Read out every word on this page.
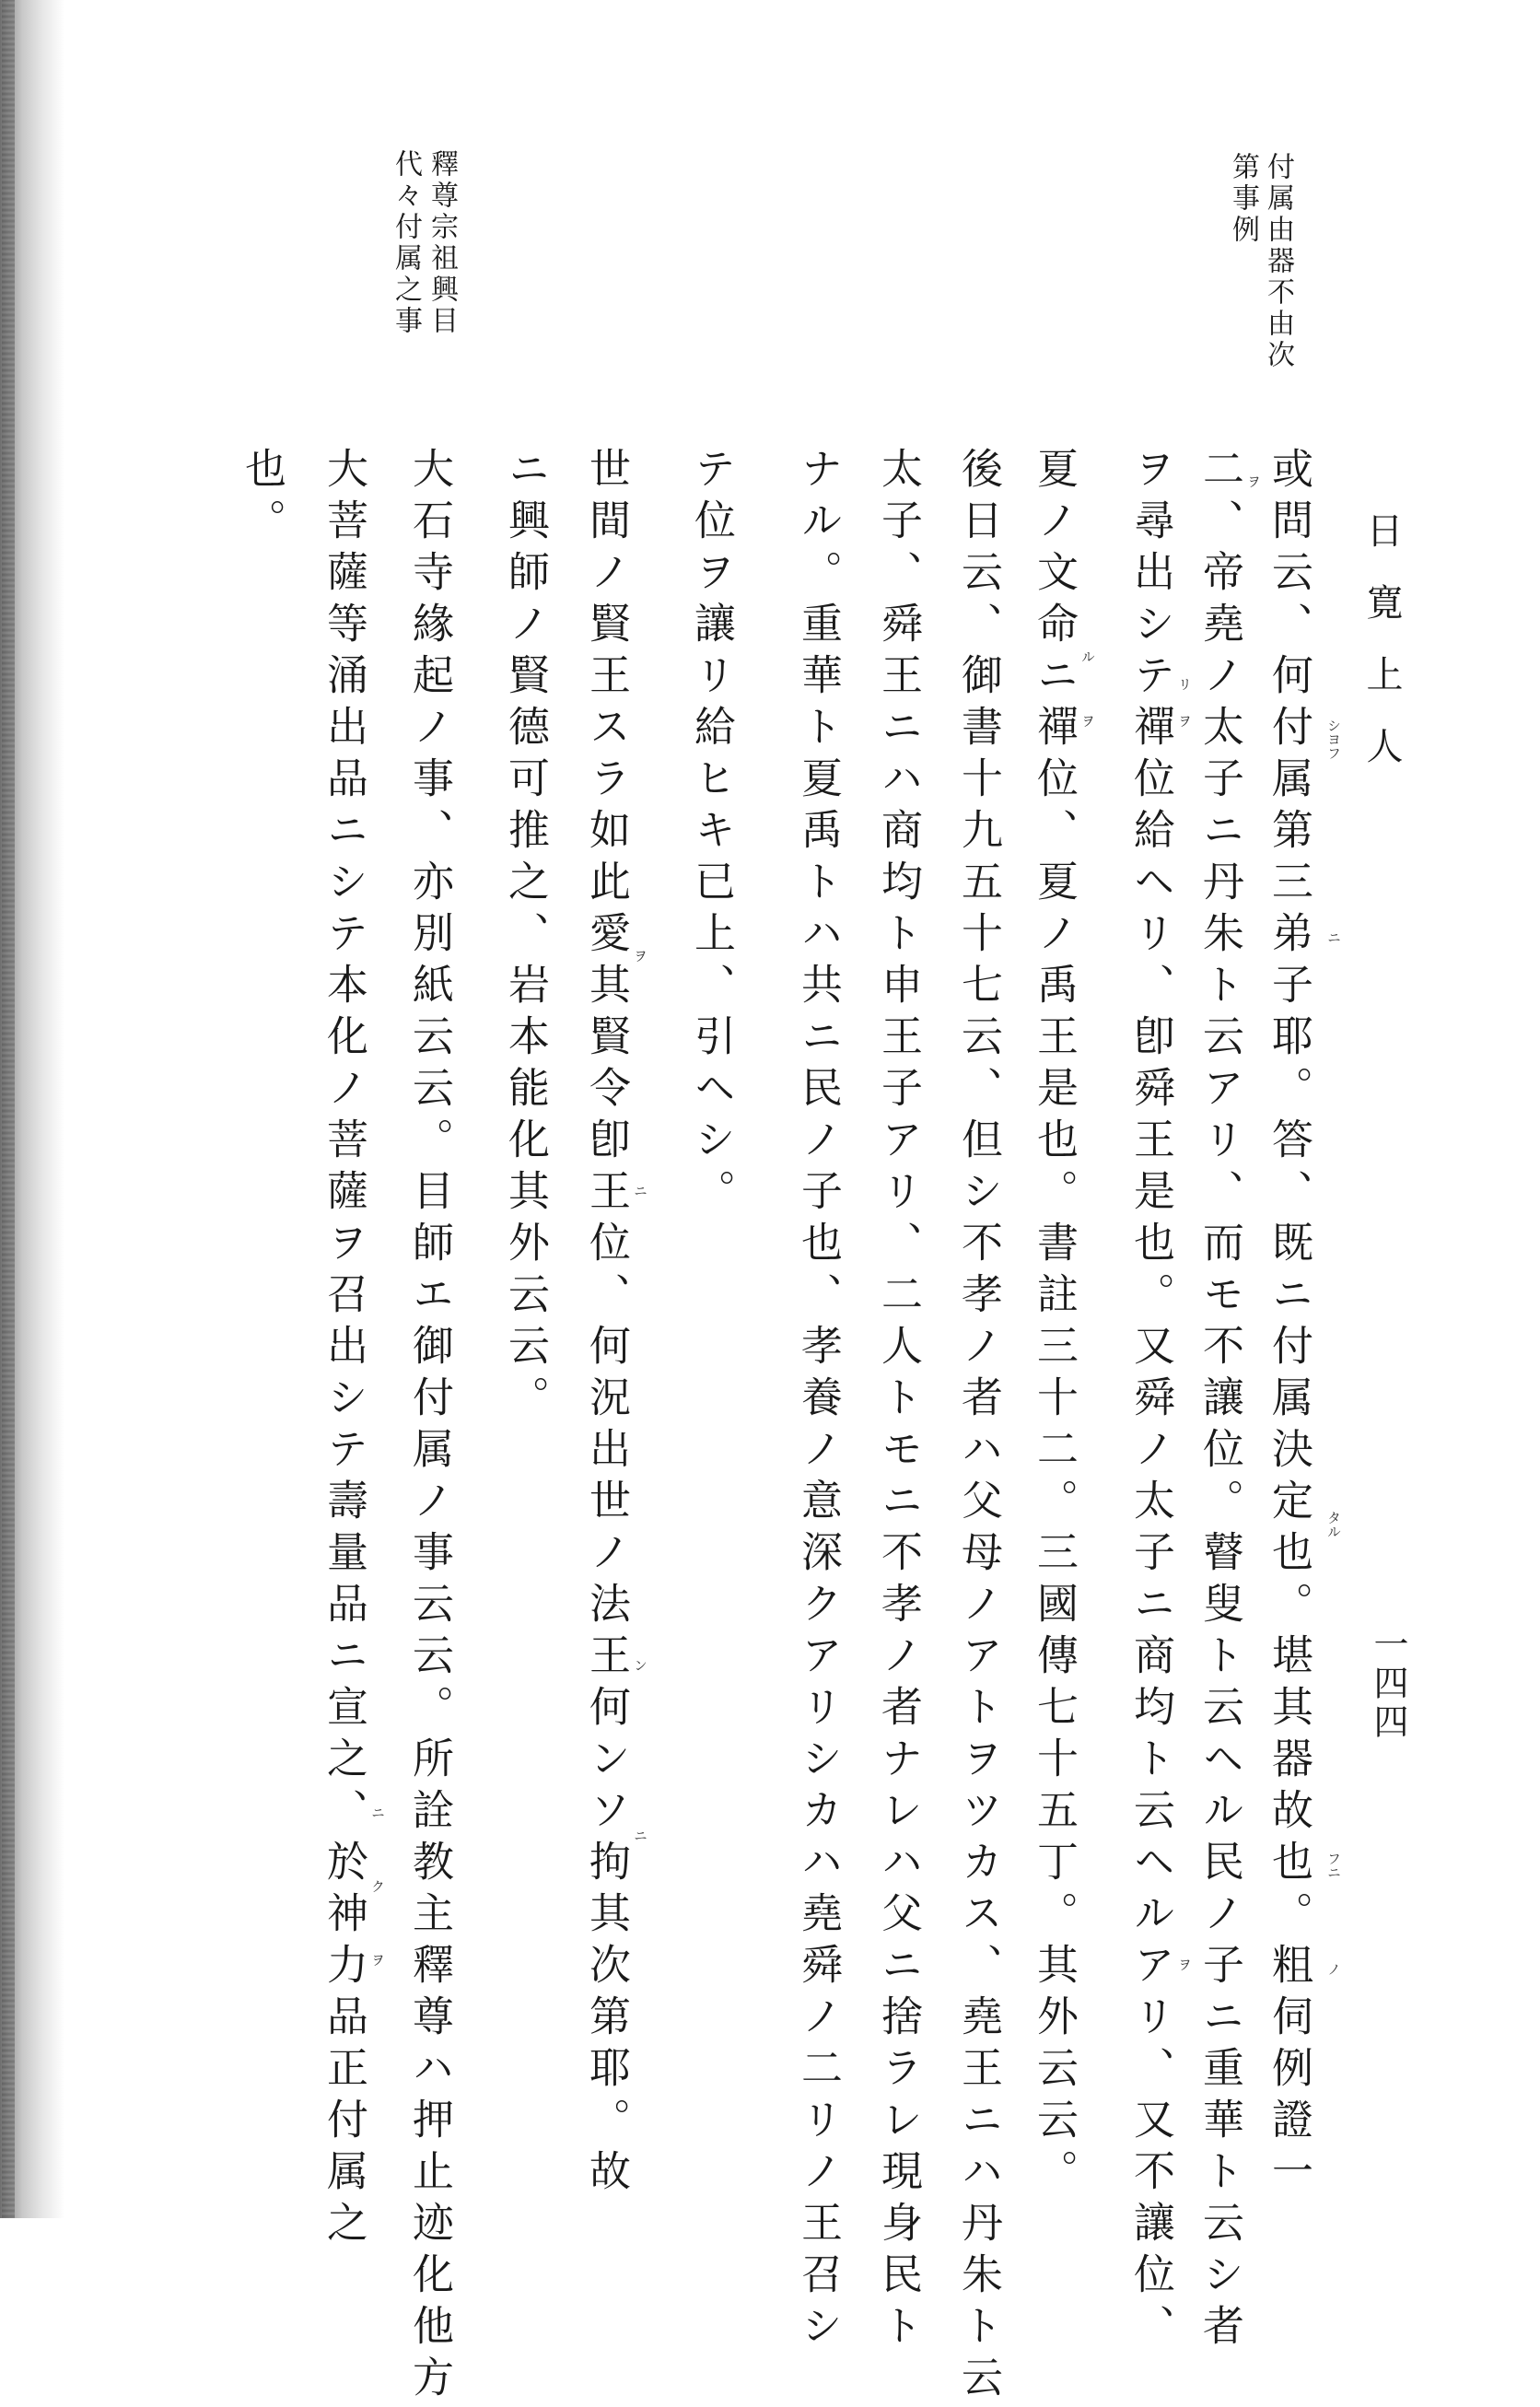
日寛上人
一四四
付属由器不由次
第事例
釋尊宗祖興目
代々付属之事
或問云、何付属第三弟子耶。答、既ニ付属決定也。堪其器故也。粗伺例證一
二、帝堯ノ太子ニ丹朱ト云アリ、而モ不讓位。瞽叟ト云ヘル民ノ子ニ重華ト云シ者
ヲ尋出シテ禪位給ヘリ、卽舜王是也。又舜ノ太子ニ商均ト云ヘルアリ、又不讓位、
夏ノ文命ニ禪位、夏ノ禹王是也。書註三十二。三國傳七十五丁。其外云云。
後日云、御書十九五十七云、但シ不孝ノ者ハ父母ノアトヲツカス、堯王ニハ丹朱ト云
太子、舜王ニハ商均ト申王子アリ、二人トモニ不孝ノ者ナレハ父ニ捨ラレ現身民ト
ナル。重華ト夏禹トハ共ニ民ノ子也、孝養ノ意深クアリシカハ堯舜ノ二リノ王召シ
テ位ヲ讓リ給ヒキ已上、引ヘシ。
世間ノ賢王スラ如此愛其賢令卽王位、何況出世ノ法王何ンソ拘其次第耶。故
ニ興師ノ賢德可推之、岩本能化其外云云。
大石寺緣起ノ事、亦別紙云云。目師エ御付属ノ事云云。所詮教主釋尊ハ押止迹化他方
大菩薩等涌出品ニシテ本化ノ菩薩ヲ召出シテ壽量品ニ宣之、於神力品正付属之
也。
シヨフ
ニ
タル
フニ
ノ
ヲ
リ
ヲ
ル
ヲ
ヲ
ニ
ン
ニ
ヲ
ク
ニ
ヲ
